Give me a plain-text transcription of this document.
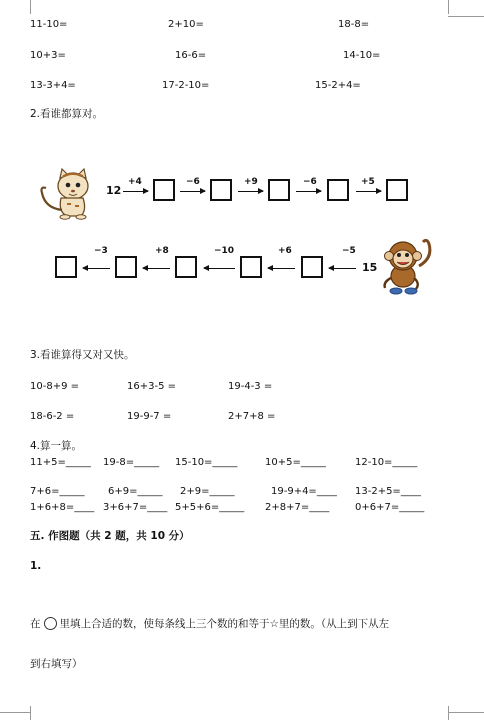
11-10=	2+10=	18-8=
10+3=	16-6=	14-10=
13-3+4=	17-2-10=	15-2+4=
2.看谁都算对。
12
+4	−6	+9	−6	+5
−3	+8	−10	+6	−5
15
3.看谁算得又对又快。
10-8+9 =	16+3-5 =	19-4-3 =
18-6-2 =	19-9-7 =	2+7+8 =
4.算一算。
11+5=_____ 19-8=_____ 15-10=_____	10+5=_____	12-10=_____
7+6=_____ 6+9=_____ 2+9=_____	19-9+4=____ 13-2+5=____
1+6+8=____ 3+6+7=____ 5+5+6=_____ 2+8+7=____	0+6+7=_____
五. 作图题（共 2 题，共 10 分）
1.
在 里填上合适的数，使每条线上三个数的和等于☆里的数。（从上到下从左
到右填写）
